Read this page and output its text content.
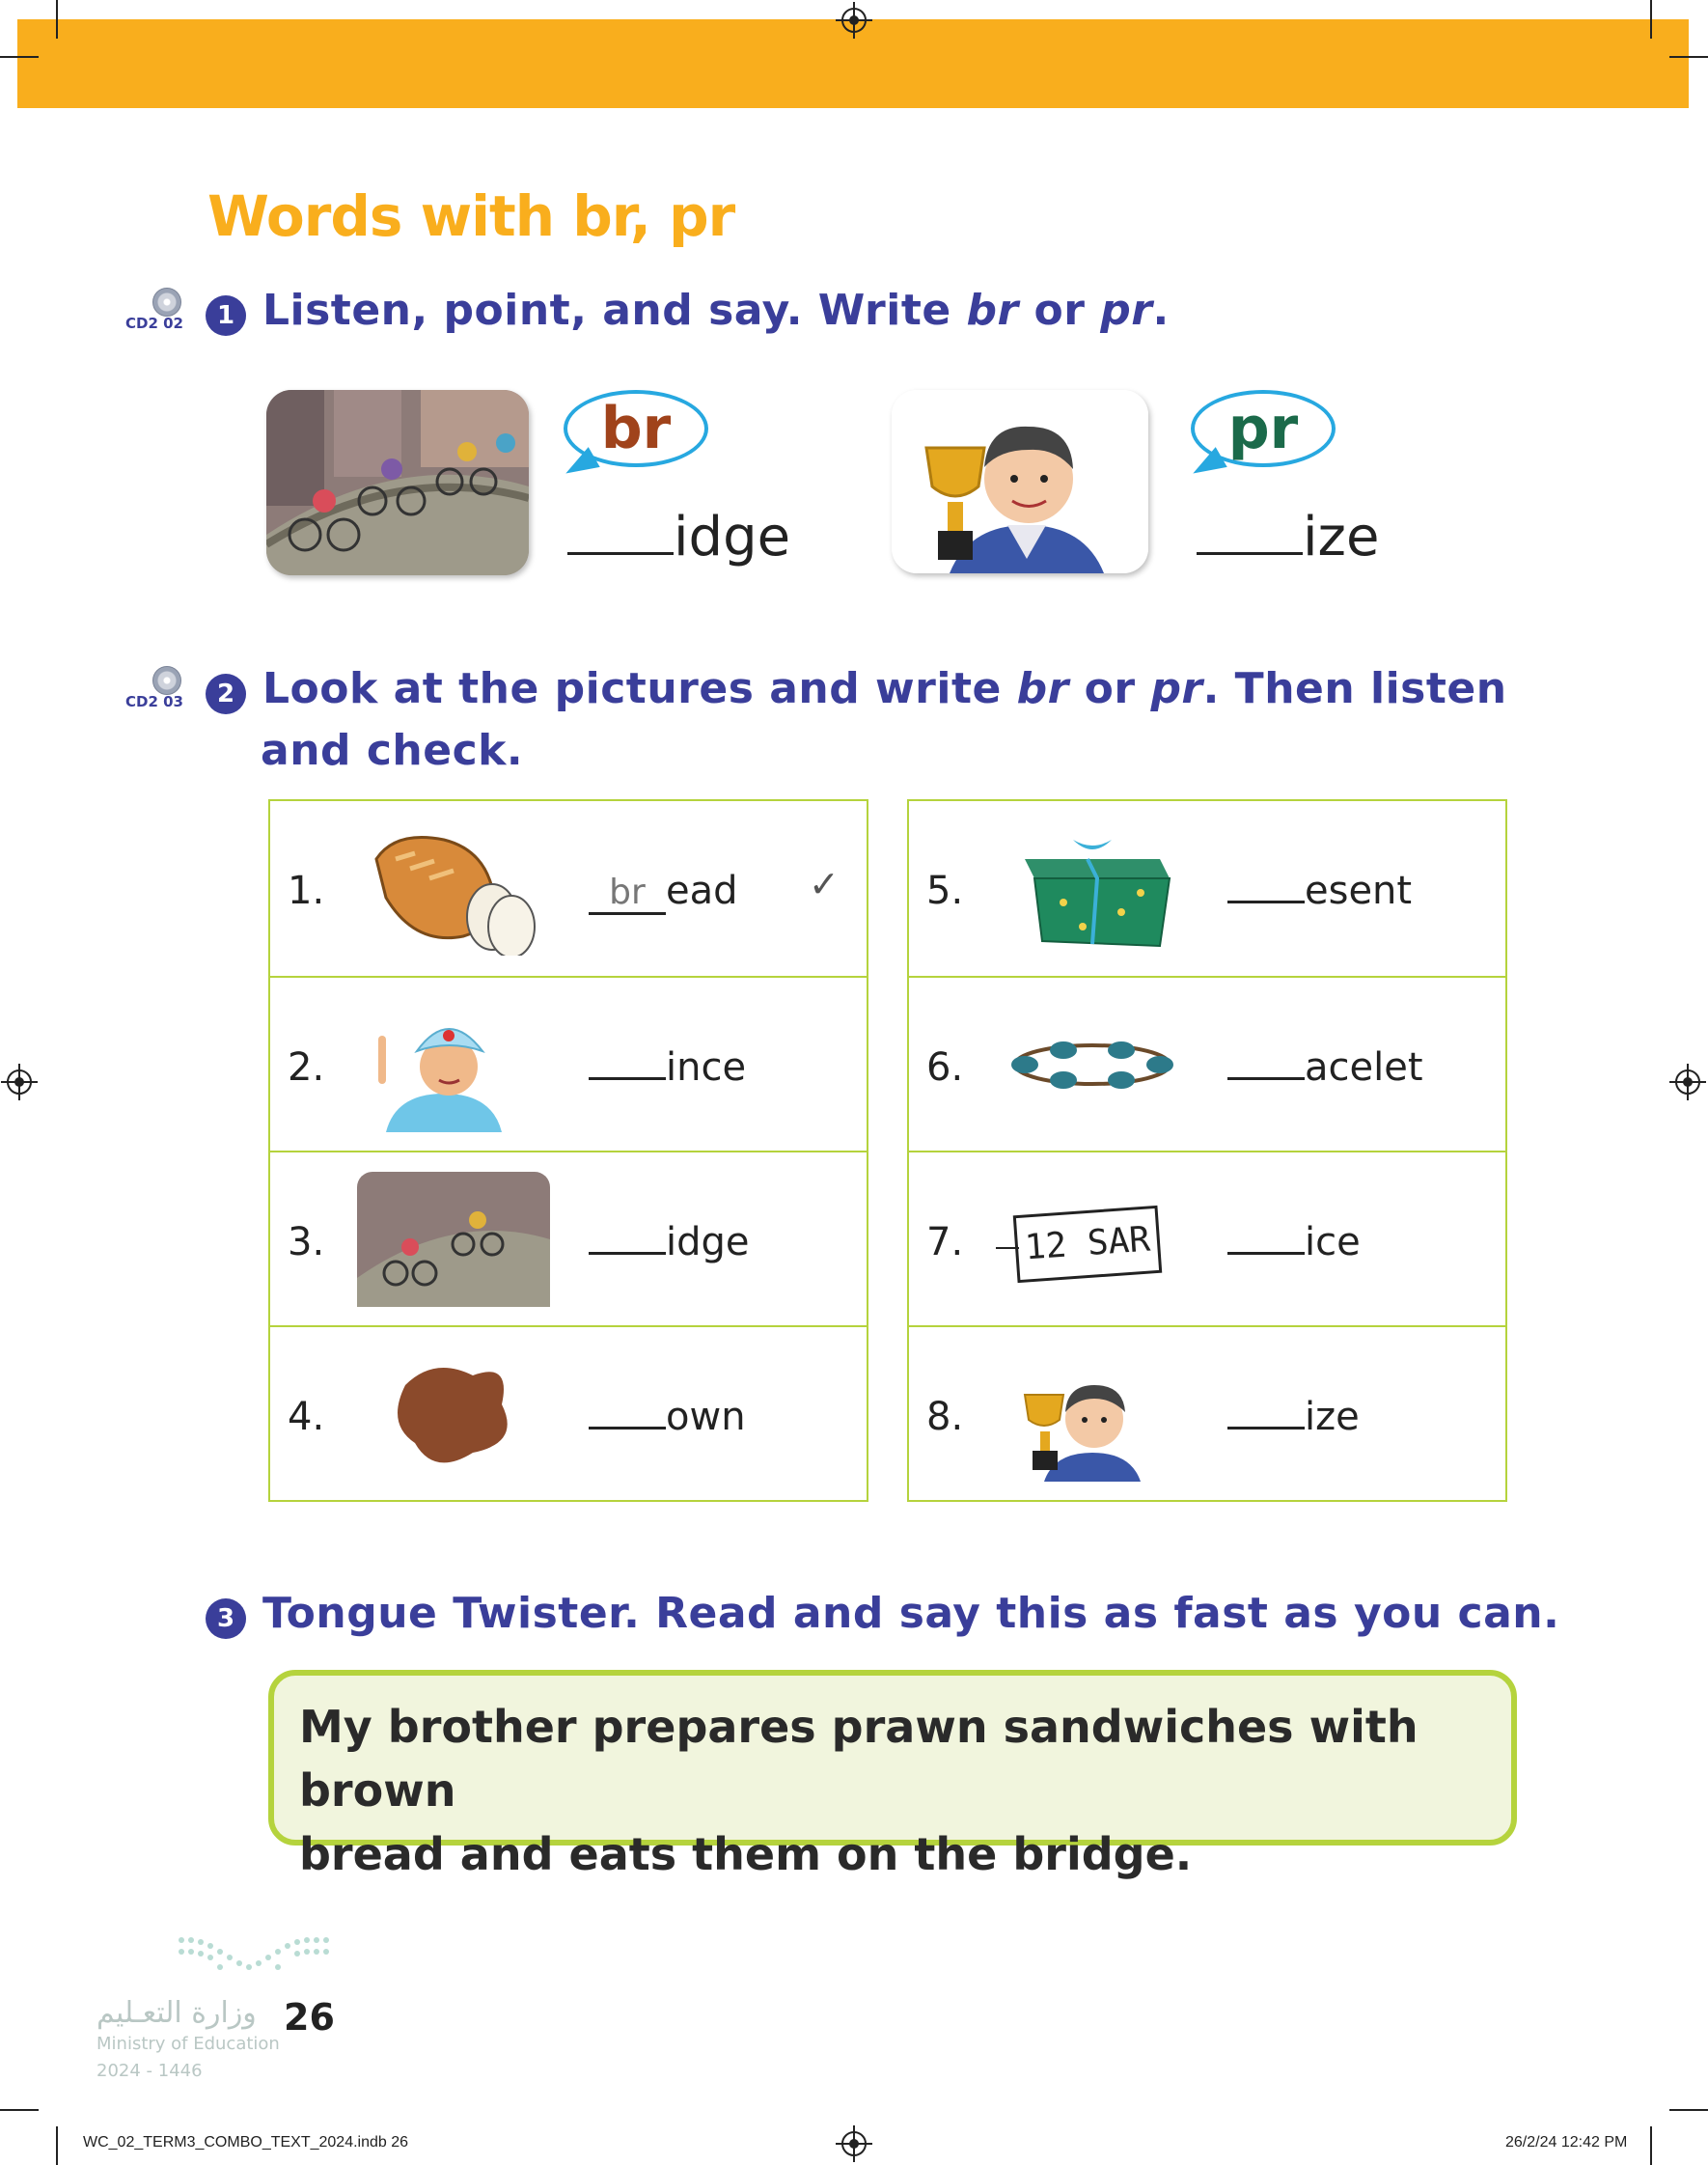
Words with br, pr
CD2 02	1 Listen, point, and say. Write br or pr.
br
idge
pr
ize
CD2 03	2 Look at the pictures and write br or pr. Then listen
and check.
1.	br ead ✓
2.	ince
3.	idge
4.	own
5.	esent
6.	acelet
7.	12 SAR	ice
8.	ize
3 Tongue Twister. Read and say this as fast as you can.
My brother prepares prawn sandwiches with brown
bread and eats them on the bridge.
وزارة التعـليم
Ministry of Education
2024 - 1446
26
WC_02_TERM3_COMBO_TEXT_2024.indb 26	26/2/24 12:42 PM
